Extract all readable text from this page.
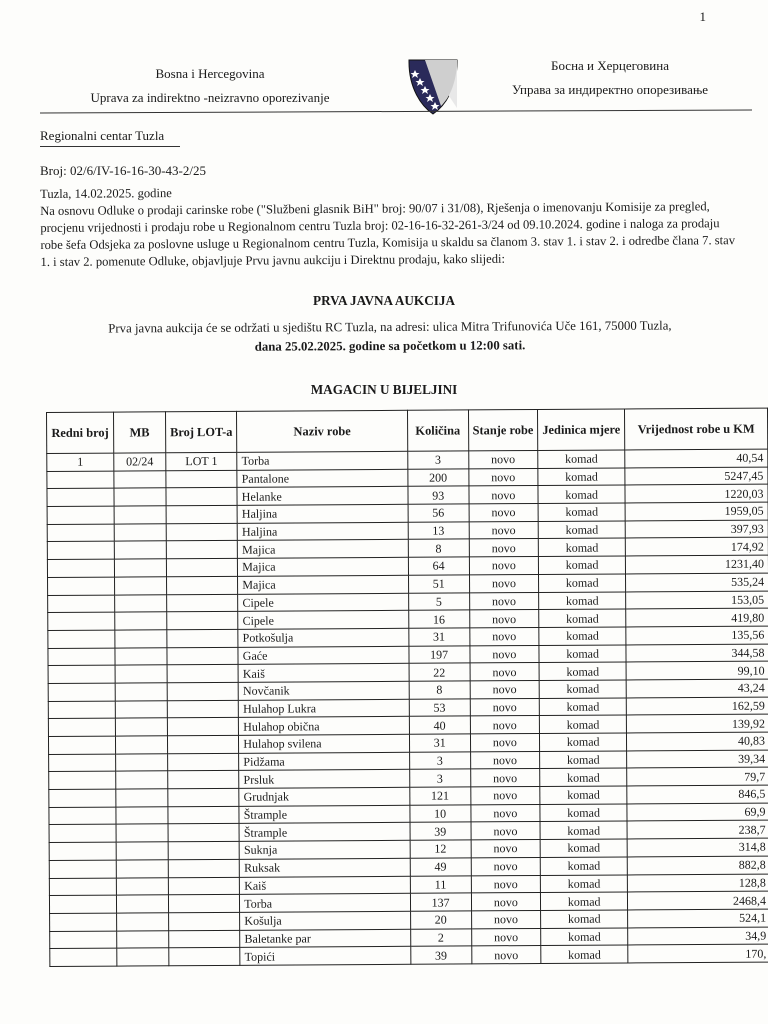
1
Bosna i Hercegovina
Uprava za indirektno -neizravno oporezivanje
Босна и Херцеговина
Управа за индиректно опорезивање
Regionalni centar Tuzla
Broj: 02/6/IV-16-16-30-43-2/25
Tuzla, 14.02.2025. godine
Na osnovu Odluke o prodaji carinske robe ("Službeni glasnik BiH" broj: 90/07 i 31/08), Rješenja o imenovanju Komisije za pregled, procjenu vrijednosti i prodaju robe u Regionalnom centru Tuzla broj: 02-16-16-32-261-3/24 od 09.10.2024. godine i naloga za prodaju robe šefa Odsjeka za poslovne usluge u Regionalnom centru Tuzla, Komisija u skaldu sa članom 3. stav 1. i stav 2. i odredbe člana 7. stav 1. i stav 2. pomenute Odluke, objavljuje Prvu javnu aukciju i Direktnu prodaju, kako slijedi:
PRVA JAVNA AUKCIJA
Prva javna aukcija će se održati u sjedištu RC Tuzla, na adresi: ulica Mitra Trifunovića Uče 161, 75000 Tuzla,
dana 25.02.2025. godine sa početkom u 12:00 sati.
MAGACIN U BIJELJINI
Redni broj	MB	Broj LOT-a	Naziv robe	Količina	Stanje robe	Jedinica mjere	Vrijednost robe u KM
1	02/24	LOT 1	Torba	3	novo	komad	40,54
			Pantalone	200	novo	komad	5247,45
			Helanke	93	novo	komad	1220,03
			Haljina	56	novo	komad	1959,05
			Haljina	13	novo	komad	397,93
			Majica	8	novo	komad	174,92
			Majica	64	novo	komad	1231,40
			Majica	51	novo	komad	535,24
			Cipele	5	novo	komad	153,05
			Cipele	16	novo	komad	419,80
			Potkošulja	31	novo	komad	135,56
			Gaće	197	novo	komad	344,58
			Kaiš	22	novo	komad	99,10
			Novčanik	8	novo	komad	43,24
			Hulahop Lukra	53	novo	komad	162,59
			Hulahop obična	40	novo	komad	139,92
			Hulahop svilena	31	novo	komad	40,83
			Pidžama	3	novo	komad	39,34
			Prsluk	3	novo	komad	79,7
			Grudnjak	121	novo	komad	846,5
			Štrample	10	novo	komad	69,9
			Štrample	39	novo	komad	238,7
			Suknja	12	novo	komad	314,8
			Ruksak	49	novo	komad	882,8
			Kaiš	11	novo	komad	128,8
			Torba	137	novo	komad	2468,4
			Košulja	20	novo	komad	524,1
			Baletanke par	2	novo	komad	34,9
			Topići	39	novo	komad	170,
